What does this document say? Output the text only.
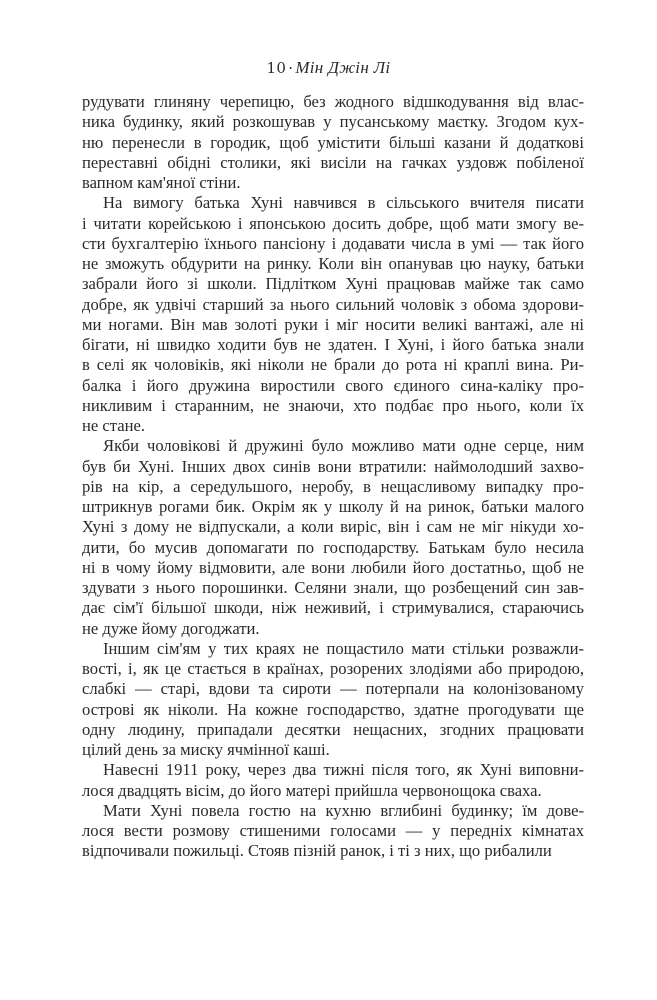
10 · Мін Джін Лі
рудувати глиняну черепицю, без жодного відшкодування від влас-
ника будинку, який розкошував у пусанському маєтку. Згодом кух-
ню перенесли в городик, щоб умістити більші казани й додаткові
переставні обідні столики, які висіли на гачках уздовж побіленої
вапном кам'яної стіни.
На вимогу батька Хуні навчився в сільського вчителя писати
і читати корейською і японською досить добре, щоб мати змогу ве-
сти бухгалтерію їхнього пансіону і додавати числа в умі — так його
не зможуть обдурити на ринку. Коли він опанував цю науку, батьки
забрали його зі школи. Підлітком Хуні працював майже так само
добре, як удвічі старший за нього сильний чоловік з обома здорови-
ми ногами. Він мав золоті руки і міг носити великі вантажі, але ні
бігати, ні швидко ходити був не здатен. І Хуні, і його батька знали
в селі як чоловіків, які ніколи не брали до рота ні краплі вина. Ри-
балка і його дружина виростили свого єдиного сина-каліку про-
никливим і старанним, не знаючи, хто подбає про нього, коли їх
не стане.
Якби чоловікові й дружині було можливо мати одне серце, ним
був би Хуні. Інших двох синів вони втратили: наймолодший захво-
рів на кір, а середульшого, неробу, в нещасливому випадку про-
штрикнув рогами бик. Окрім як у школу й на ринок, батьки малого
Хуні з дому не відпускали, а коли виріс, він і сам не міг нікуди хо-
дити, бо мусив допомагати по господарству. Батькам було несила
ні в чому йому відмовити, але вони любили його достатньо, щоб не
здувати з нього порошинки. Селяни знали, що розбещений син зав-
дає сім'ї більшої шкоди, ніж неживий, і стримувалися, стараючись
не дуже йому догоджати.
Іншим сім'ям у тих краях не пощастило мати стільки розважли-
вості, і, як це стається в країнах, розорених злодіями або природою,
слабкі — старі, вдови та сироти — потерпали на колонізованому
острові як ніколи. На кожне господарство, здатне прогодувати ще
одну людину, припадали десятки нещасних, згодних працювати
цілий день за миску ячмінної каші.
Навесні 1911 року, через два тижні після того, як Хуні виповни-
лося двадцять вісім, до його матері прийшла червонощока сваха.
Мати Хуні повела гостю на кухню вглибині будинку; їм дове-
лося вести розмову стишеними голосами — у передніх кімнатах
відпочивали пожильці. Стояв пізній ранок, і ті з них, що рибалили
